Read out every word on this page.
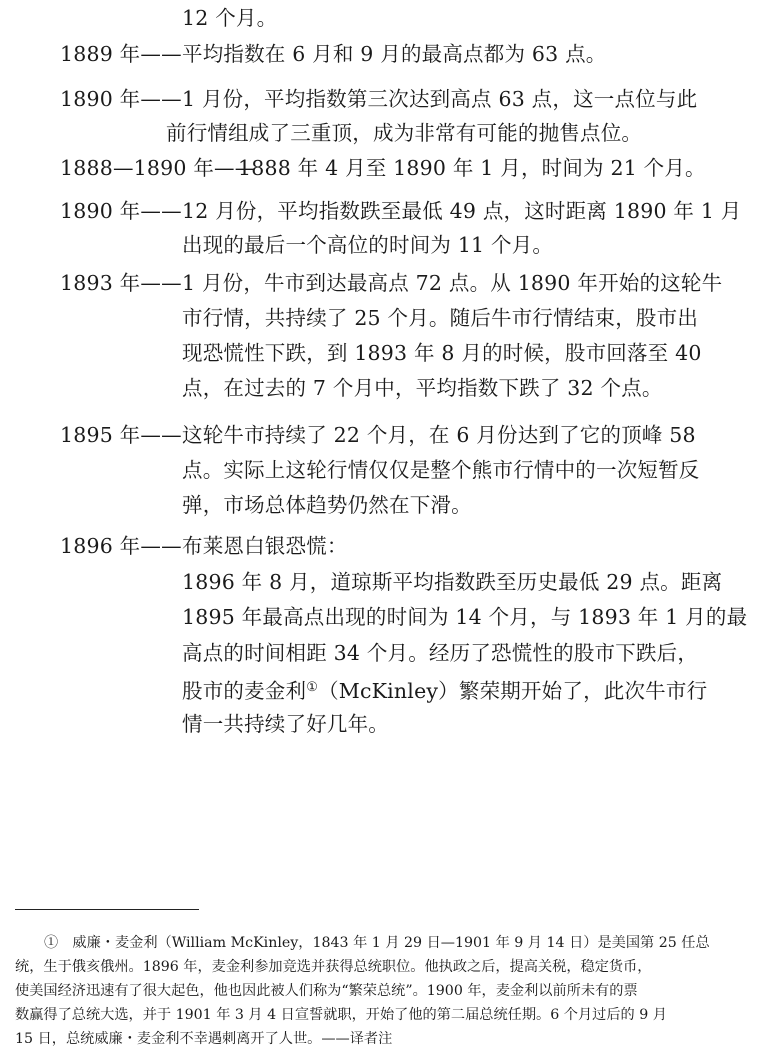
12 个月。
1889 年—— 平均指数在 6 月和 9 月的最高点都为 63 点。
1890 年—— 1 月份，平均指数第三次达到高点 63 点，这一点位与此
前行情组成了三重顶，成为非常有可能的抛售点位。
1888—1890 年——
1888 年 4 月至 1890 年 1 月，时间为 21 个月。
1890 年—— 12 月份，平均指数跌至最低 49 点，这时距离 1890 年 1 月
出现的最后一个高位的时间为 11 个月。
1893 年—— 1 月份，牛市到达最高点 72 点。从 1890 年开始的这轮牛
市行情，共持续了 25 个月。随后牛市行情结束，股市出
现恐慌性下跌，到 1893 年 8 月的时候，股市回落至 40
点，在过去的 7 个月中，平均指数下跌了 32 个点。
1895 年—— 这轮牛市持续了 22 个月，在 6 月份达到了它的顶峰 58
点。实际上这轮行情仅仅是整个熊市行情中的一次短暂反
弹，市场总体趋势仍然在下滑。
1896 年—— 布莱恩白银恐慌：
1896 年 8 月，道琼斯平均指数跌至历史最低 29 点。距离
1895 年最高点出现的时间为 14 个月，与 1893 年 1 月的最
高点的时间相距 34 个月。经历了恐慌性的股市下跌后，
股市的麦金利①（McKinley）繁荣期开始了，此次牛市行
情一共持续了好几年。
①　威廉・麦金利（William McKinley，1843 年 1 月 29 日—1901 年 9 月 14 日）是美国第 25 任总
统，生于俄亥俄州。1896 年，麦金利参加竞选并获得总统职位。他执政之后，提高关税，稳定货币，
使美国经济迅速有了很大起色，他也因此被人们称为“繁荣总统”。1900 年，麦金利以前所未有的票
数赢得了总统大选，并于 1901 年 3 月 4 日宣誓就职，开始了他的第二届总统任期。6 个月过后的 9 月
15 日，总统威廉・麦金利不幸遇刺离开了人世。——译者注
